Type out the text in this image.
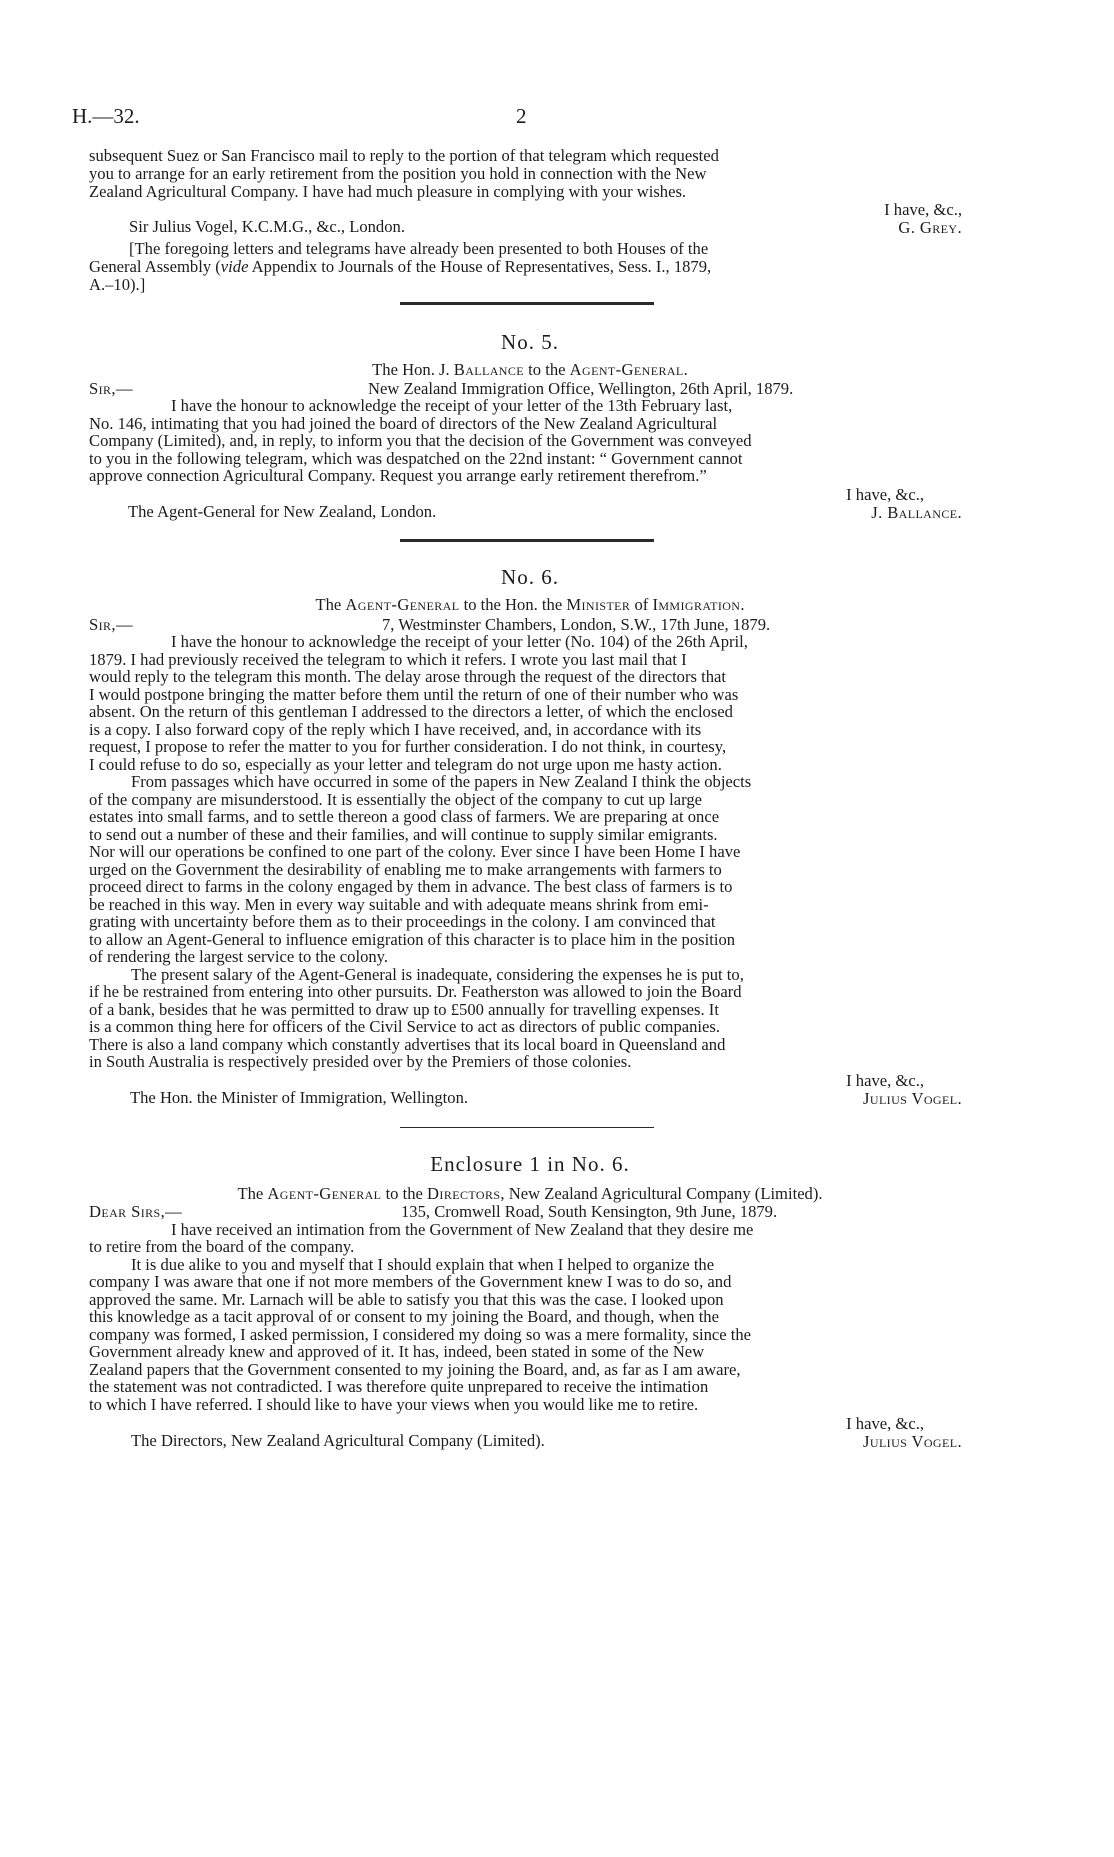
H.—32.	2
subsequent Suez or San Francisco mail to reply to the portion of that telegram which requested
you to arrange for an early retirement from the position you hold in connection with the New
Zealand Agricultural Company. I have had much pleasure in complying with your wishes.
I have, &c.,
Sir Julius Vogel, K.C.M.G., &c., London.	G. Grey.
[The foregoing letters and telegrams have already been presented to both Houses of the
General Assembly (vide Appendix to Journals of the House of Representatives, Sess. I., 1879,
A.–10).]
No. 5.
The Hon. J. Ballance to the Agent-General.
Sir,—	New Zealand Immigration Office, Wellington, 26th April, 1879.
I have the honour to acknowledge the receipt of your letter of the 13th February last,
No. 146, intimating that you had joined the board of directors of the New Zealand Agricultural
Company (Limited), and, in reply, to inform you that the decision of the Government was conveyed
to you in the following telegram, which was despatched on the 22nd instant: “ Government cannot
approve connection Agricultural Company. Request you arrange early retirement therefrom.”
I have, &c.,
The Agent-General for New Zealand, London.	J. Ballance.
No. 6.
The Agent-General to the Hon. the Minister of Immigration.
Sir,—	7, Westminster Chambers, London, S.W., 17th June, 1879.
I have the honour to acknowledge the receipt of your letter (No. 104) of the 26th April,
1879. I had previously received the telegram to which it refers. I wrote you last mail that I
would reply to the telegram this month. The delay arose through the request of the directors that
I would postpone bringing the matter before them until the return of one of their number who was
absent. On the return of this gentleman I addressed to the directors a letter, of which the enclosed
is a copy. I also forward copy of the reply which I have received, and, in accordance with its
request, I propose to refer the matter to you for further consideration. I do not think, in courtesy,
I could refuse to do so, especially as your letter and telegram do not urge upon me hasty action.
From passages which have occurred in some of the papers in New Zealand I think the objects
of the company are misunderstood. It is essentially the object of the company to cut up large
estates into small farms, and to settle thereon a good class of farmers. We are preparing at once
to send out a number of these and their families, and will continue to supply similar emigrants.
Nor will our operations be confined to one part of the colony. Ever since I have been Home I have
urged on the Government the desirability of enabling me to make arrangements with farmers to
proceed direct to farms in the colony engaged by them in advance. The best class of farmers is to
be reached in this way. Men in every way suitable and with adequate means shrink from emi-
grating with uncertainty before them as to their proceedings in the colony. I am convinced that
to allow an Agent-General to influence emigration of this character is to place him in the position
of rendering the largest service to the colony.
The present salary of the Agent-General is inadequate, considering the expenses he is put to,
if he be restrained from entering into other pursuits. Dr. Featherston was allowed to join the Board
of a bank, besides that he was permitted to draw up to £500 annually for travelling expenses. It
is a common thing here for officers of the Civil Service to act as directors of public companies.
There is also a land company which constantly advertises that its local board in Queensland and
in South Australia is respectively presided over by the Premiers of those colonies.
I have, &c.,
The Hon. the Minister of Immigration, Wellington.	Julius Vogel.
Enclosure 1 in No. 6.
The Agent-General to the Directors, New Zealand Agricultural Company (Limited).
Dear Sirs,—	135, Cromwell Road, South Kensington, 9th June, 1879.
I have received an intimation from the Government of New Zealand that they desire me
to retire from the board of the company.
It is due alike to you and myself that I should explain that when I helped to organize the
company I was aware that one if not more members of the Government knew I was to do so, and
approved the same. Mr. Larnach will be able to satisfy you that this was the case. I looked upon
this knowledge as a tacit approval of or consent to my joining the Board, and though, when the
company was formed, I asked permission, I considered my doing so was a mere formality, since the
Government already knew and approved of it. It has, indeed, been stated in some of the New
Zealand papers that the Government consented to my joining the Board, and, as far as I am aware,
the statement was not contradicted. I was therefore quite unprepared to receive the intimation
to which I have referred. I should like to have your views when you would like me to retire.
I have, &c.,
The Directors, New Zealand Agricultural Company (Limited).	Julius Vogel.
